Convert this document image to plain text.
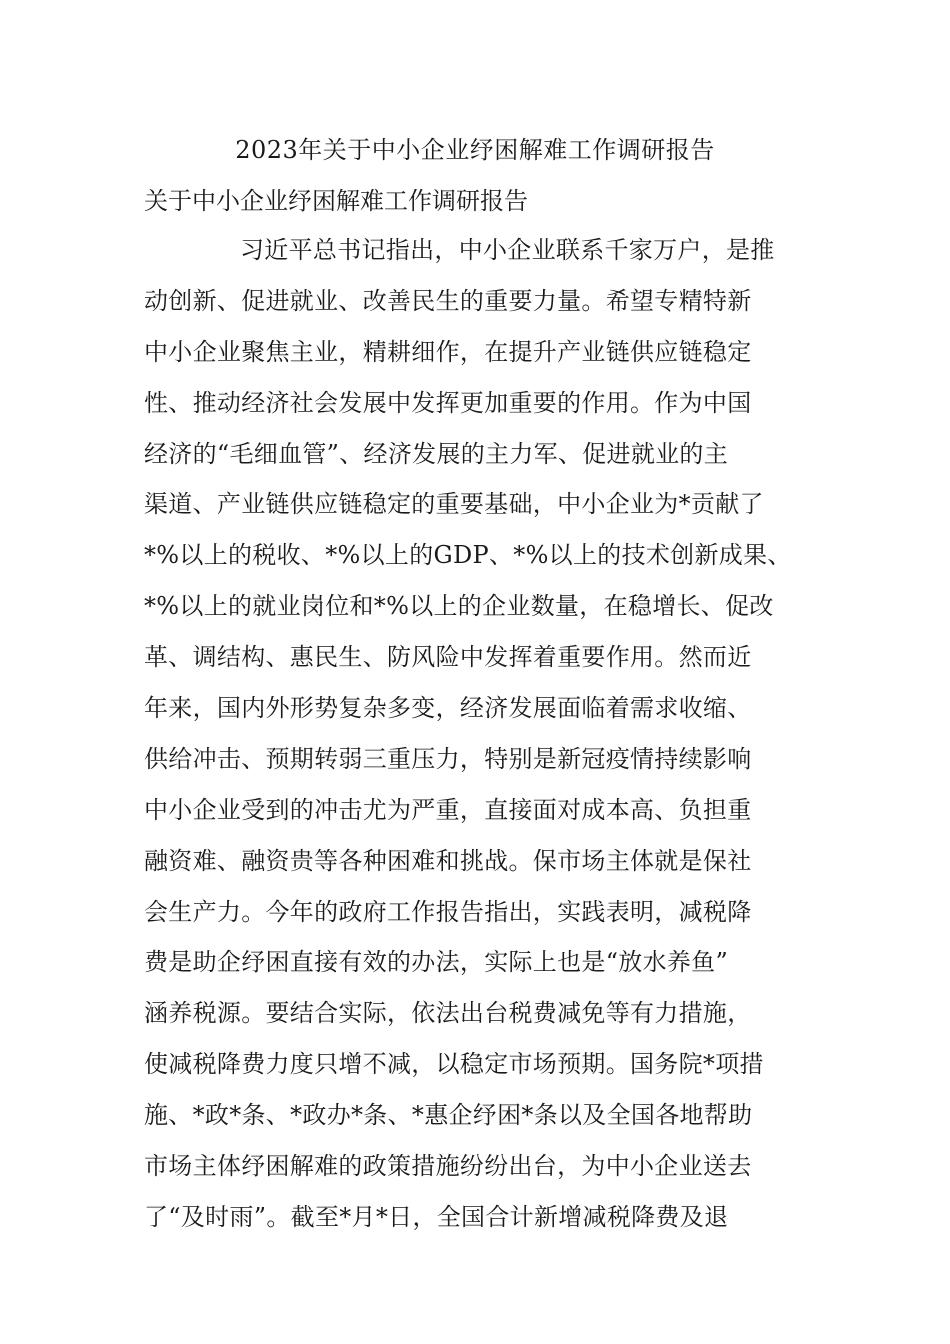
2023年关于中小企业纾困解难工作调研报告
关于中小企业纾困解难工作调研报告
习近平总书记指出，中小企业联系千家万户，是推
动创新、促进就业、改善民生的重要力量。希望专精特新
中小企业聚焦主业，精耕细作，在提升产业链供应链稳定
性、推动经济社会发展中发挥更加重要的作用。作为中国
经济的“毛细血管”、经济发展的主力军、促进就业的主
渠道、产业链供应链稳定的重要基础，中小企业为*贡献了
*%以上的税收、*%以上的GDP、*%以上的技术创新成果、
*%以上的就业岗位和*%以上的企业数量，在稳增长、促改
革、调结构、惠民生、防风险中发挥着重要作用。然而近
年来，国内外形势复杂多变，经济发展面临着需求收缩、
供给冲击、预期转弱三重压力，特别是新冠疫情持续影响
中小企业受到的冲击尤为严重，直接面对成本高、负担重
融资难、融资贵等各种困难和挑战。保市场主体就是保社
会生产力。今年的政府工作报告指出，实践表明，减税降
费是助企纾困直接有效的办法，实际上也是“放水养鱼”
涵养税源。要结合实际，依法出台税费减免等有力措施，
使减税降费力度只增不减，以稳定市场预期。国务院*项措
施、*政*条、*政办*条、*惠企纾困*条以及全国各地帮助
市场主体纾困解难的政策措施纷纷出台，为中小企业送去
了“及时雨”。截至*月*日，全国合计新增减税降费及退
